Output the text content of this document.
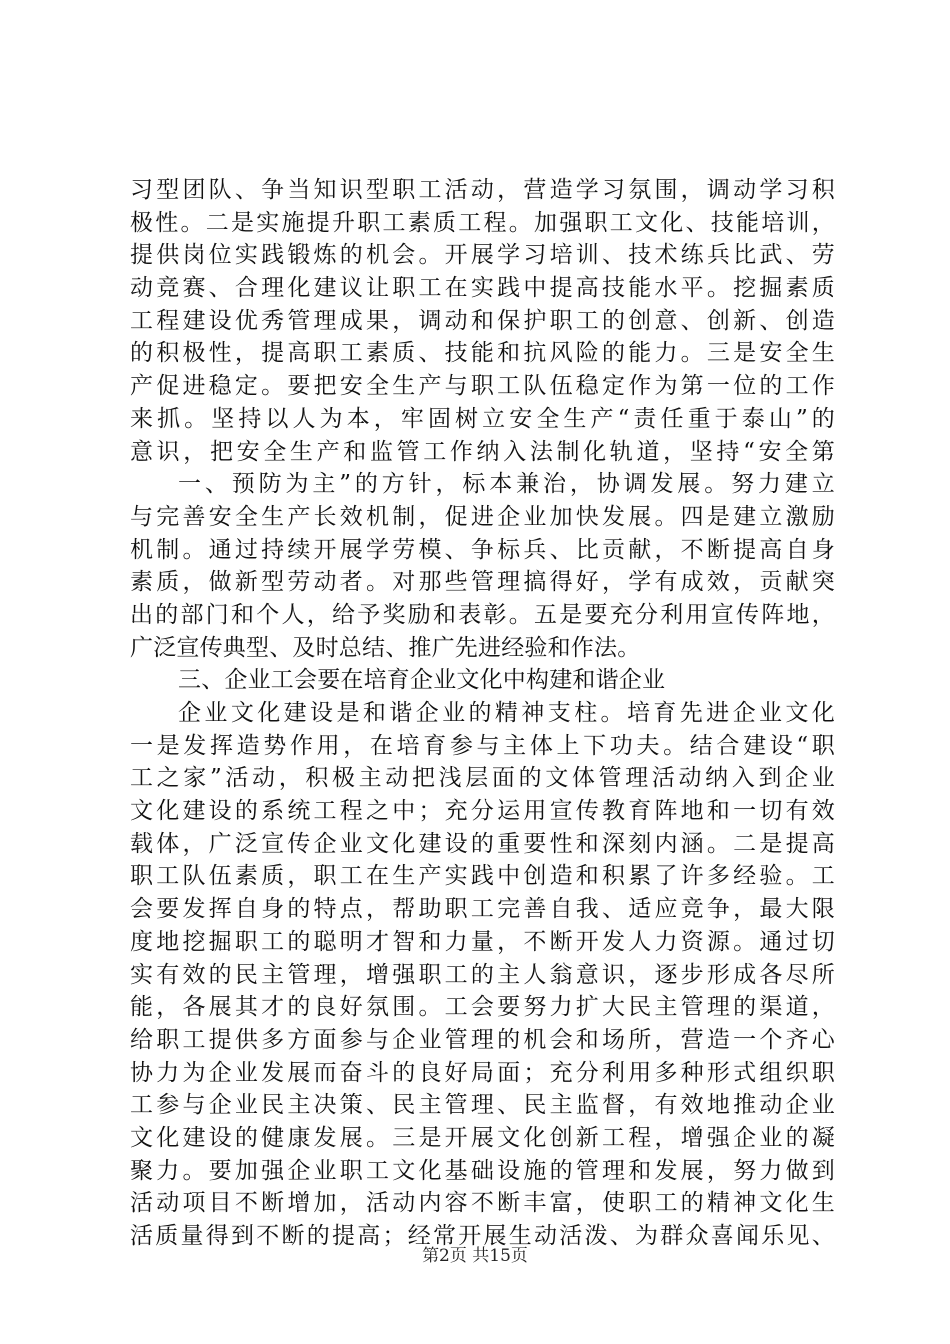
习型团队、争当知识型职工活动，营造学习氛围，调动学习积
极性。二是实施提升职工素质工程。加强职工文化、技能培训，
提供岗位实践锻炼的机会。开展学习培训、技术练兵比武、劳
动竞赛、合理化建议让职工在实践中提高技能水平。挖掘素质
工程建设优秀管理成果，调动和保护职工的创意、创新、创造
的积极性，提高职工素质、技能和抗风险的能力。三是安全生
产促进稳定。要把安全生产与职工队伍稳定作为第一位的工作
来抓。坚持以人为本，牢固树立安全生产“责任重于泰山”的
意识，把安全生产和监管工作纳入法制化轨道，坚持“安全第
一、预防为主”的方针，标本兼治，协调发展。努力建立
与完善安全生产长效机制，促进企业加快发展。四是建立激励
机制。通过持续开展学劳模、争标兵、比贡献，不断提高自身
素质，做新型劳动者。对那些管理搞得好，学有成效，贡献突
出的部门和个人，给予奖励和表彰。五是要充分利用宣传阵地，
广泛宣传典型、及时总结、推广先进经验和作法。
三、企业工会要在培育企业文化中构建和谐企业
企业文化建设是和谐企业的精神支柱。培育先进企业文化
一是发挥造势作用，在培育参与主体上下功夫。结合建设“职
工之家”活动，积极主动把浅层面的文体管理活动纳入到企业
文化建设的系统工程之中；充分运用宣传教育阵地和一切有效
载体，广泛宣传企业文化建设的重要性和深刻内涵。二是提高
职工队伍素质，职工在生产实践中创造和积累了许多经验。工
会要发挥自身的特点，帮助职工完善自我、适应竞争，最大限
度地挖掘职工的聪明才智和力量，不断开发人力资源。通过切
实有效的民主管理，增强职工的主人翁意识，逐步形成各尽所
能，各展其才的良好氛围。工会要努力扩大民主管理的渠道，
给职工提供多方面参与企业管理的机会和场所，营造一个齐心
协力为企业发展而奋斗的良好局面；充分利用多种形式组织职
工参与企业民主决策、民主管理、民主监督，有效地推动企业
文化建设的健康发展。三是开展文化创新工程，增强企业的凝
聚力。要加强企业职工文化基础设施的管理和发展，努力做到
活动项目不断增加，活动内容不断丰富，使职工的精神文化生
活质量得到不断的提高；经常开展生动活泼、为群众喜闻乐见、
第2页 共15页
